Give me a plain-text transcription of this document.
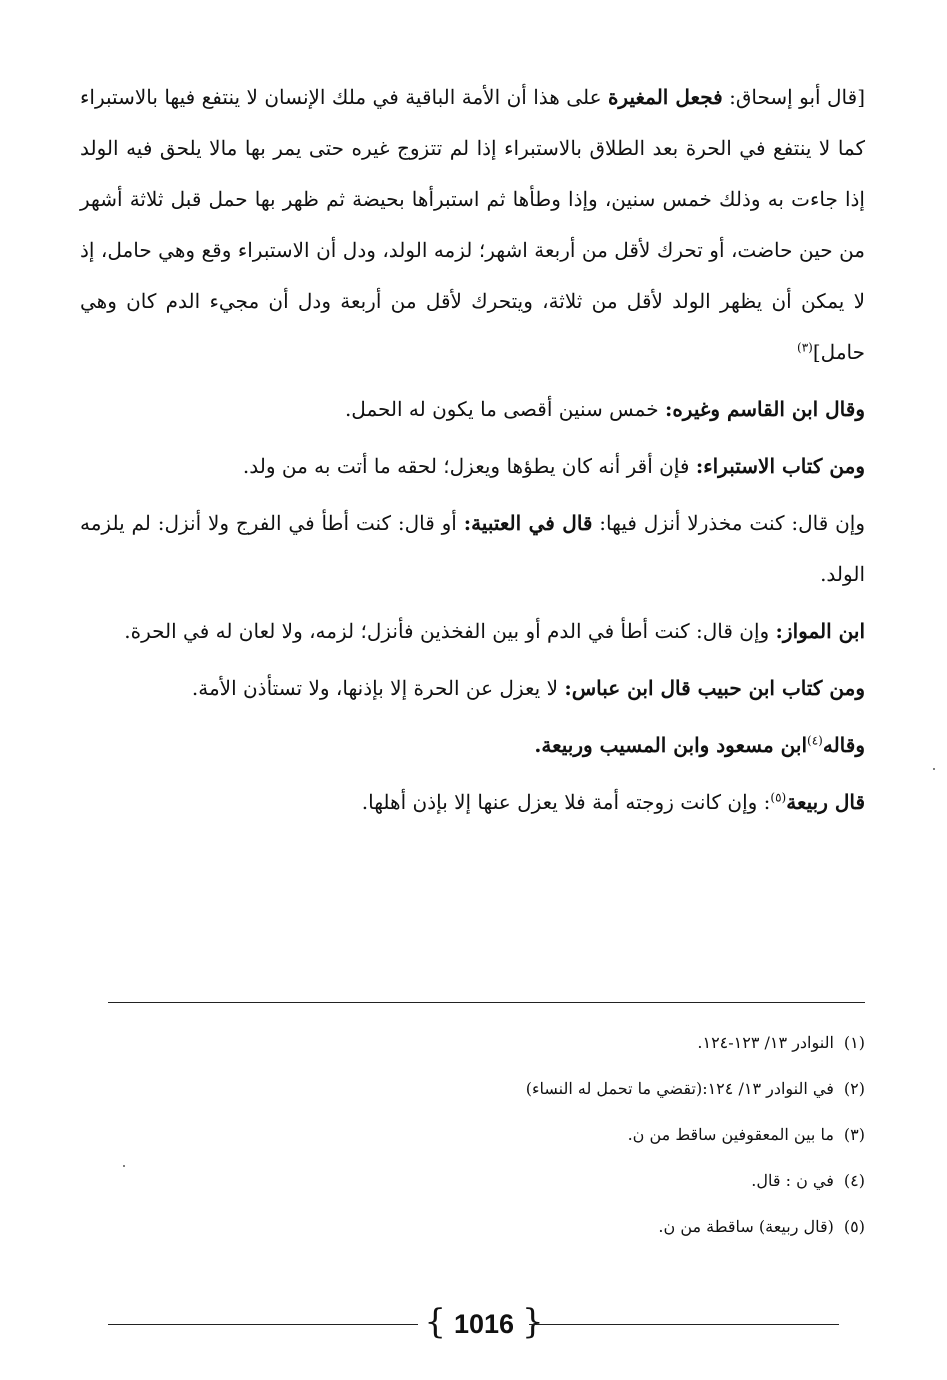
[قال أبو إسحاق: فجعل المغيرة على هذا أن الأمة الباقية في ملك الإنسان لا ينتفع فيها بالاستبراء كما لا ينتفع في الحرة بعد الطلاق بالاستبراء إذا لم تتزوج غيره حتى يمر بها مالا يلحق فيه الولد إذا جاءت به وذلك خمس سنين، وإذا وطأها ثم استبرأها بحيضة ثم ظهر بها حمل قبل ثلاثة أشهر من حين حاضت، أو تحرك لأقل من أربعة اشهر؛ لزمه الولد، ودل أن الاستبراء وقع وهي حامل، إذ لا يمكن أن يظهر الولد لأقل من ثلاثة، ويتحرك لأقل من أربعة ودل أن مجيء الدم كان وهي حامل]$^{(٣)}$

وقال ابن القاسم وغيره: خمس سنين أقصى ما يكون له الحمل.

ومن كتاب الاستبراء: فإن أقر أنه كان يطؤها ويعزل؛ لحقه ما أتت به من ولد.

وإن قال: كنت مخذرلا أنزل فيها: قال في العتبية: أو قال: كنت أطأ في الفرج ولا أنزل: لم يلزمه الولد.

ابن المواز: وإن قال: كنت أطأ في الدم أو بين الفخذين فأنزل؛ لزمه، ولا لعان له في الحرة.

ومن كتاب ابن حبيب قال ابن عباس: لا يعزل عن الحرة إلا بإذنها، ولا تستأذن الأمة.

وقاله$^{(٤)}$ابن مسعود وابن المسيب وربيعة.

قال ربيعة$^{(٥)}$: وإن كانت زوجته أمة فلا يعزل عنها إلا بإذن أهلها.

(١)النوادر ١٣/ ١٢٣-١٢٤.

(٢)في النوادر ١٣/ ١٢٤:(تقضي ما تحمل له النساء)

(٣)ما بين المعقوفين ساقط من ن.

(٤)في ن : قال.

(٥)(قال ربيعة) ساقطة من ن.

{ 1016 }
